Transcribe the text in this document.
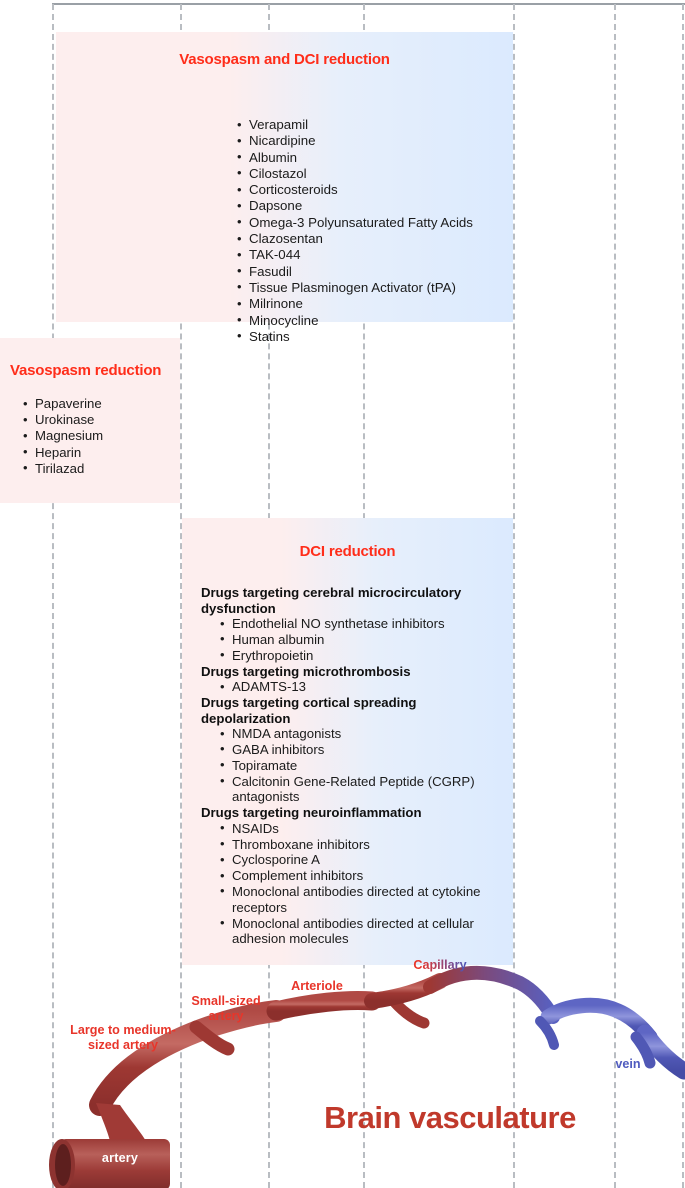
Vasospasm and DCI reduction
• Verapamil
• Nicardipine
• Albumin
• Cilostazol
• Corticosteroids
• Dapsone
• Omega-3 Polyunsaturated Fatty Acids
• Clazosentan
• TAK-044
• Fasudil
• Tissue Plasminogen Activator (tPA)
• Milrinone
• Minocycline
• Statins
Vasospasm reduction
• Papaverine
• Urokinase
• Magnesium
• Heparin
• Tirilazad
DCI reduction
Drugs targeting cerebral microcirculatory dysfunction
• Endothelial NO synthetase inhibitors
• Human albumin
• Erythropoietin
Drugs targeting microthrombosis
• ADAMTS-13
Drugs targeting cortical spreading depolarization
• NMDA antagonists
• GABA inhibitors
• Topiramate
• Calcitonin Gene-Related Peptide (CGRP) antagonists
Drugs targeting neuroinflammation
• NSAIDs
• Thromboxane inhibitors
• Cyclosporine A
• Complement inhibitors
• Monoclonal antibodies directed at cytokine receptors
• Monoclonal antibodies directed at cellular adhesion molecules
Large to medium-sized artery
Small-sized artery
Arteriole
Capillary
vein
artery
Brain vasculature
